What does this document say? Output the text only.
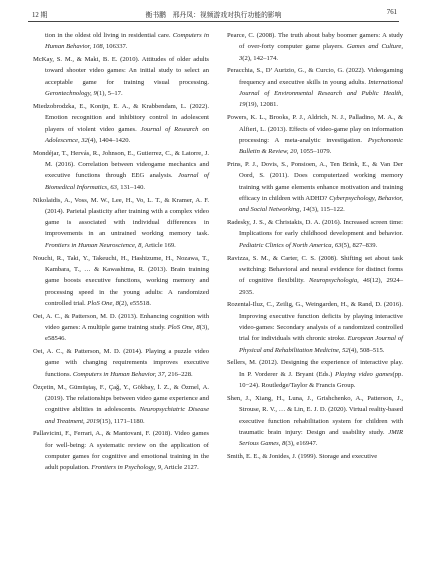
12 期	衡书鹏　邢丹凤：视频游戏对执行功能的影响	761

tion in the oldest old living in residential care. Computers in Human Behavior, 108, 106337.

McKay, S. M., & Maki, B. E. (2010). Attitudes of older adults toward shooter video games: An initial study to select an acceptable game for training visual processing. Gerontechnology, 9(1), 5–17.

Miedzobrodzka, E., Konijn, E. A., & Krabbendam, L. (2022). Emotion recognition and inhibitory control in adolescent players of violent video games. Journal of Research on Adolescence, 32(4), 1404–1420.

Mondéjar, T., Hervás, R., Johnson, E., Gutierrez, C., & Latorre, J. M. (2016). Correlation between videogame mechanics and executive functions through EEG analysis. Journal of Biomedical Informatics, 63, 131–140.

Nikolaidis, A., Voss, M. W., Lee, H., Vo, L. T., & Kramer, A. F. (2014). Parietal plasticity after training with a complex video game is associated with individual differences in improvements in an untrained working memory task. Frontiers in Human Neuroscience, 8, Article 169.

Nouchi, R., Taki, Y., Takeuchi, H., Hashizume, H., Nozawa, T., Kambara, T., … & Kawashima, R. (2013). Brain training game boosts executive functions, working memory and processing speed in the young adults: A randomized controlled trial. PloS One, 8(2), e55518.

Oei, A. C., & Patterson, M. D. (2013). Enhancing cognition with video games: A multiple game training study. PloS One, 8(3), e58546.

Oei, A. C., & Patterson, M. D. (2014). Playing a puzzle video game with changing requirements improves executive functions. Computers in Human Behavior, 37, 216–228.

Özçetin, M., Gümüştaş, F., Çağ, Y., Gökbay, İ. Z., & Özmel, A. (2019). The relationships between video game experience and cognitive abilities in adolescents. Neuropsychiatric Disease and Treatment, 2019(15), 1171–1180.

Pallavicini, F., Ferrari, A., & Mantovani, F. (2018). Video games for well-being: A systematic review on the application of computer games for cognitive and emotional training in the adult population. Frontiers in Psychology, 9, Article 2127.

Pearce, C. (2008). The truth about baby boomer gamers: A study of over-forty computer game players. Games and Culture, 3(2), 142–174.

Peracchia, S., D’ Aurizio, G., & Curcio, G. (2022). Videogaming frequency and executive skills in young adults. International Journal of Environmental Research and Public Health, 19(19), 12081.

Powers, K. L., Brooks, P. J., Aldrich, N. J., Palladino, M. A., & Alfieri, L. (2013). Effects of video-game play on information processing: A meta-analytic investigation. Psychonomic Bulletin & Review, 20, 1055–1079.

Prins, P. J., Dovis, S., Ponsioen, A., Ten Brink, E., & Van Der Oord, S. (2011). Does computerized working memory training with game elements enhance motivation and training efficacy in children with ADHD? Cyberpsychology, Behavior, and Social Networking, 14(3), 115–122.

Radesky, J. S., & Christakis, D. A. (2016). Increased screen time: Implications for early childhood development and behavior. Pediatric Clinics of North America, 63(5), 827–839.

Ravizza, S. M., & Carter, C. S. (2008). Shifting set about task switching: Behavioral and neural evidence for distinct forms of cognitive flexibility. Neuropsychologia, 46(12), 2924–2935.

Rozental-Iluz, C., Zeilig, G., Weingarden, H., & Rand, D. (2016). Improving executive function deficits by playing interactive video-games: Secondary analysis of a randomized controlled trial for individuals with chronic stroke. European Journal of Physical and Rehabilitation Medicine, 52(4), 508–515.

Sellers, M. (2012). Designing the experience of interactive play. In P. Vorderer & J. Bryant (Eds.) Playing video games(pp. 10−24). Routledge/Taylor & Francis Group.

Shen, J., Xiang, H., Luna, J., Grishchenko, A., Patterson, J., Strouse, R. V., … & Lin, E. J. D. (2020). Virtual reality-based executive function rehabilitation system for children with traumatic brain injury: Design and usability study. JMIR Serious Games, 8(3), e16947.

Smith, E. E., & Jonides, J. (1999). Storage and executive
